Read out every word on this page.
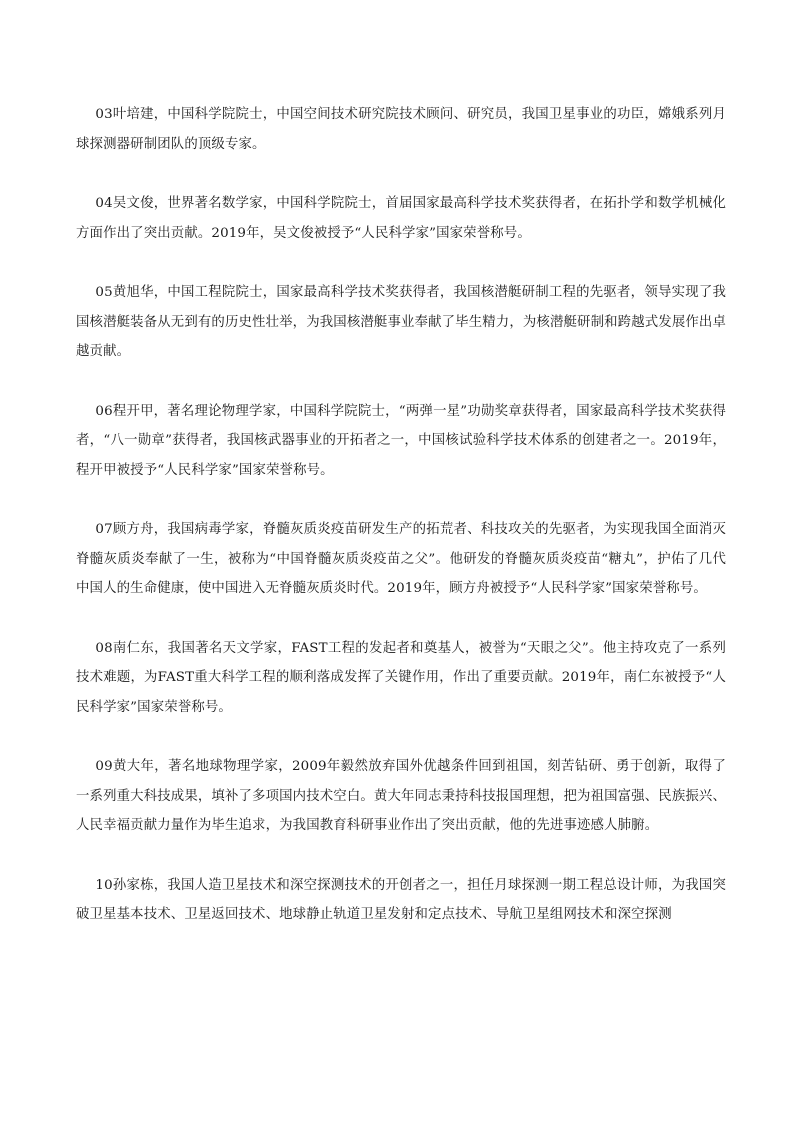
03叶培建，中国科学院院士，中国空间技术研究院技术顾问、研究员，我国卫星事业的功臣，嫦娥系列月球探测器研制团队的顶级专家。

04吴文俊，世界著名数学家，中国科学院院士，首届国家最高科学技术奖获得者，在拓扑学和数学机械化方面作出了突出贡献。2019年，吴文俊被授予“人民科学家”国家荣誉称号。

05黄旭华，中国工程院院士，国家最高科学技术奖获得者，我国核潜艇研制工程的先驱者，领导实现了我国核潜艇装备从无到有的历史性壮举，为我国核潜艇事业奉献了毕生精力，为核潜艇研制和跨越式发展作出卓越贡献。

06程开甲，著名理论物理学家，中国科学院院士，“两弹一星”功勋奖章获得者，国家最高科学技术奖获得者，“八一勋章”获得者，我国核武器事业的开拓者之一，中国核试验科学技术体系的创建者之一。2019年，程开甲被授予“人民科学家”国家荣誉称号。

07顾方舟，我国病毒学家，脊髓灰质炎疫苗研发生产的拓荒者、科技攻关的先驱者，为实现我国全面消灭脊髓灰质炎奉献了一生，被称为“中国脊髓灰质炎疫苗之父”。他研发的脊髓灰质炎疫苗“糖丸”，护佑了几代中国人的生命健康，使中国进入无脊髓灰质炎时代。2019年，顾方舟被授予“人民科学家”国家荣誉称号。

08南仁东，我国著名天文学家，FAST工程的发起者和奠基人，被誉为“天眼之父”。他主持攻克了一系列技术难题，为FAST重大科学工程的顺利落成发挥了关键作用，作出了重要贡献。2019年，南仁东被授予“人民科学家”国家荣誉称号。

09黄大年，著名地球物理学家，2009年毅然放弃国外优越条件回到祖国，刻苦钻研、勇于创新，取得了一系列重大科技成果，填补了多项国内技术空白。黄大年同志秉持科技报国理想，把为祖国富强、民族振兴、人民幸福贡献力量作为毕生追求，为我国教育科研事业作出了突出贡献，他的先进事迹感人肺腑。

10孙家栋，我国人造卫星技术和深空探测技术的开创者之一，担任月球探测一期工程总设计师，为我国突破卫星基本技术、卫星返回技术、地球静止轨道卫星发射和定点技术、导航卫星组网技术和深空探测
